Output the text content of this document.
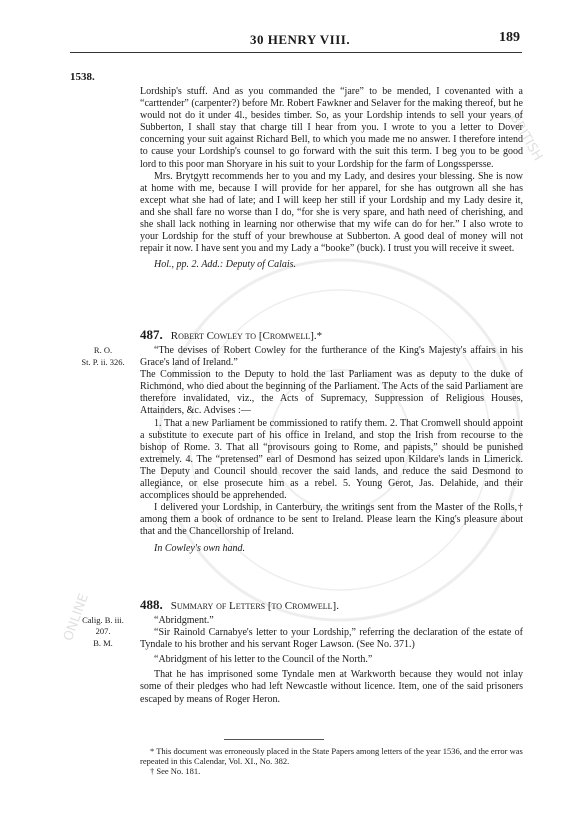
30 HENRY VIII.	189
1538.
BRITISH
ONLINE

Lordship's stuff. And as you commanded the “jare” to be mended, I covenanted with a “carttender” (carpenter?) before Mr. Robert Fawkner and Selaver for the making thereof, but he would not do it under 4l., besides timber. So, as your Lordship intends to sell your years of Subberton, I shall stay that charge till I hear from you. I wrote to you a letter to Dover concerning your suit against Richard Bell, to which you made me no answer. I therefore intend to cause your Lordship's counsel to go forward with the suit this term. I beg you to be good lord to this poor man Shoryare in his suit to your Lordship for the farm of Longsspersse.

Mrs. Brytgytt recommends her to you and my Lady, and desires your blessing. She is now at home with me, because I will provide for her apparel, for she has outgrown all she has except what she had of late; and I will keep her still if your Lordship and my Lady desire it, and she shall fare no worse than I do, “for she is very spare, and hath need of cherishing, and she shall lack nothing in learning nor otherwise that my wife can do for her.” I also wrote to your Lordship for the stuff of your brewhouse at Subberton. A good deal of money will not repair it now. I have sent you and my Lady a “booke” (buck). I trust you will receive it sweet.

Hol., pp. 2. Add.: Deputy of Calais.

487. Robert Cowley to [Cromwell].*
R. O.
St. P. ii. 326.

“The devises of Robert Cowley for the furtherance of the King's Majesty's affairs in his Grace's land of Ireland.”

The Commission to the Deputy to hold the last Parliament was as deputy to the duke of Richmond, who died about the beginning of the Parliament. The Acts of the said Parliament are therefore invalidated, viz., the Acts of Supremacy, Suppression of Religious Houses, Attainders, &c. Advises :—

1. That a new Parliament be commissioned to ratify them. 2. That Cromwell should appoint a substitute to execute part of his office in Ireland, and stop the Irish from recourse to the bishop of Rome. 3. That all “provisours going to Rome, and papists,” should be punished extremely. 4. The “pretensed” earl of Desmond has seized upon Kildare's lands in Limerick. The Deputy and Council should recover the said lands, and reduce the said Desmond to allegiance, or else prosecute him as a rebel. 5. Young Gerot, Jas. Delahide, and their accomplices should be apprehended.

I delivered your Lordship, in Canterbury, the writings sent from the Master of the Rolls,† among them a book of ordnance to be sent to Ireland. Please learn the King's pleasure about that and the Chancellorship of Ireland.

In Cowley's own hand.

488. Summary of Letters [to Cromwell].
Calig. B. iii.
207.
B. M.

“Abridgment.”

“Sir Rainold Carnabye's letter to your Lordship,” referring the declaration of the estate of Tyndale to his brother and his servant Roger Lawson. (See No. 371.)

“Abridgment of his letter to the Council of the North.”

That he has imprisoned some Tyndale men at Warkworth because they would not inlay some of their pledges who had left Newcastle without licence. Item, one of the said prisoners escaped by means of Roger Heron.

* This document was erroneously placed in the State Papers among letters of the year 1536, and the error was repeated in this Calendar, Vol. XI., No. 382.

† See No. 181.
